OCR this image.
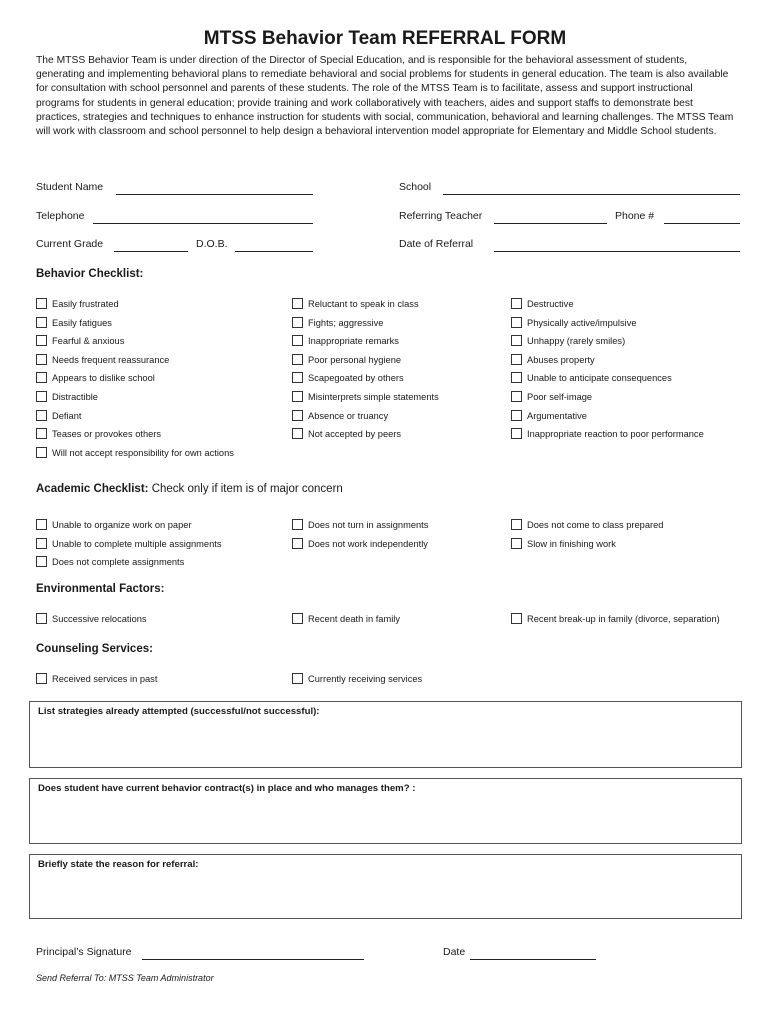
MTSS Behavior Team REFERRAL FORM
The MTSS Behavior Team is under direction of the Director of Special Education, and is responsible for the behavioral assessment of students, generating and implementing behavioral plans to remediate behavioral and social problems for students in general education. The team is also available for consultation with school personnel and parents of these students. The role of the MTSS Team is to facilitate, assess and support instructional programs for students in general education; provide training and work collaboratively with teachers, aides and support staffs to demonstrate best practices, strategies and techniques to enhance instruction for students with social, communication, behavioral and learning challenges. The MTSS Team will work with classroom and school personnel to help design a behavioral intervention model appropriate for Elementary and Middle School students.
Student Name	School
Telephone	Referring Teacher	Phone #
Current Grade	D.O.B.	Date of Referral
Behavior Checklist:
Easily frustrated
Easily fatigues
Fearful & anxious
Needs frequent reassurance
Appears to dislike school
Distractible
Defiant
Teases or provokes others
Will not accept responsibility for own actions
Reluctant to speak in class
Fights; aggressive
Inappropriate remarks
Poor personal hygiene
Scapegoated by others
Misinterprets simple statements
Absence or truancy
Not accepted by peers
Destructive
Physically active/impulsive
Unhappy (rarely smiles)
Abuses property
Unable to anticipate consequences
Poor self-image
Argumentative
Inappropriate reaction to poor performance
Academic Checklist: Check only if item is of major concern
Unable to organize work on paper
Unable to complete multiple assignments
Does not complete assignments
Does not turn in assignments
Does not work independently
Does not come to class prepared
Slow in finishing work
Environmental Factors:
Successive relocations	Recent death in family	Recent break-up in family (divorce, separation)
Counseling Services:
Received services in past	Currently receiving services
List strategies already attempted (successful/not successful):
Does student have current behavior contract(s) in place and who manages them? :
Briefly state the reason for referral:
Principal’s Signature	Date
Send Referral To: MTSS Team Administrator
